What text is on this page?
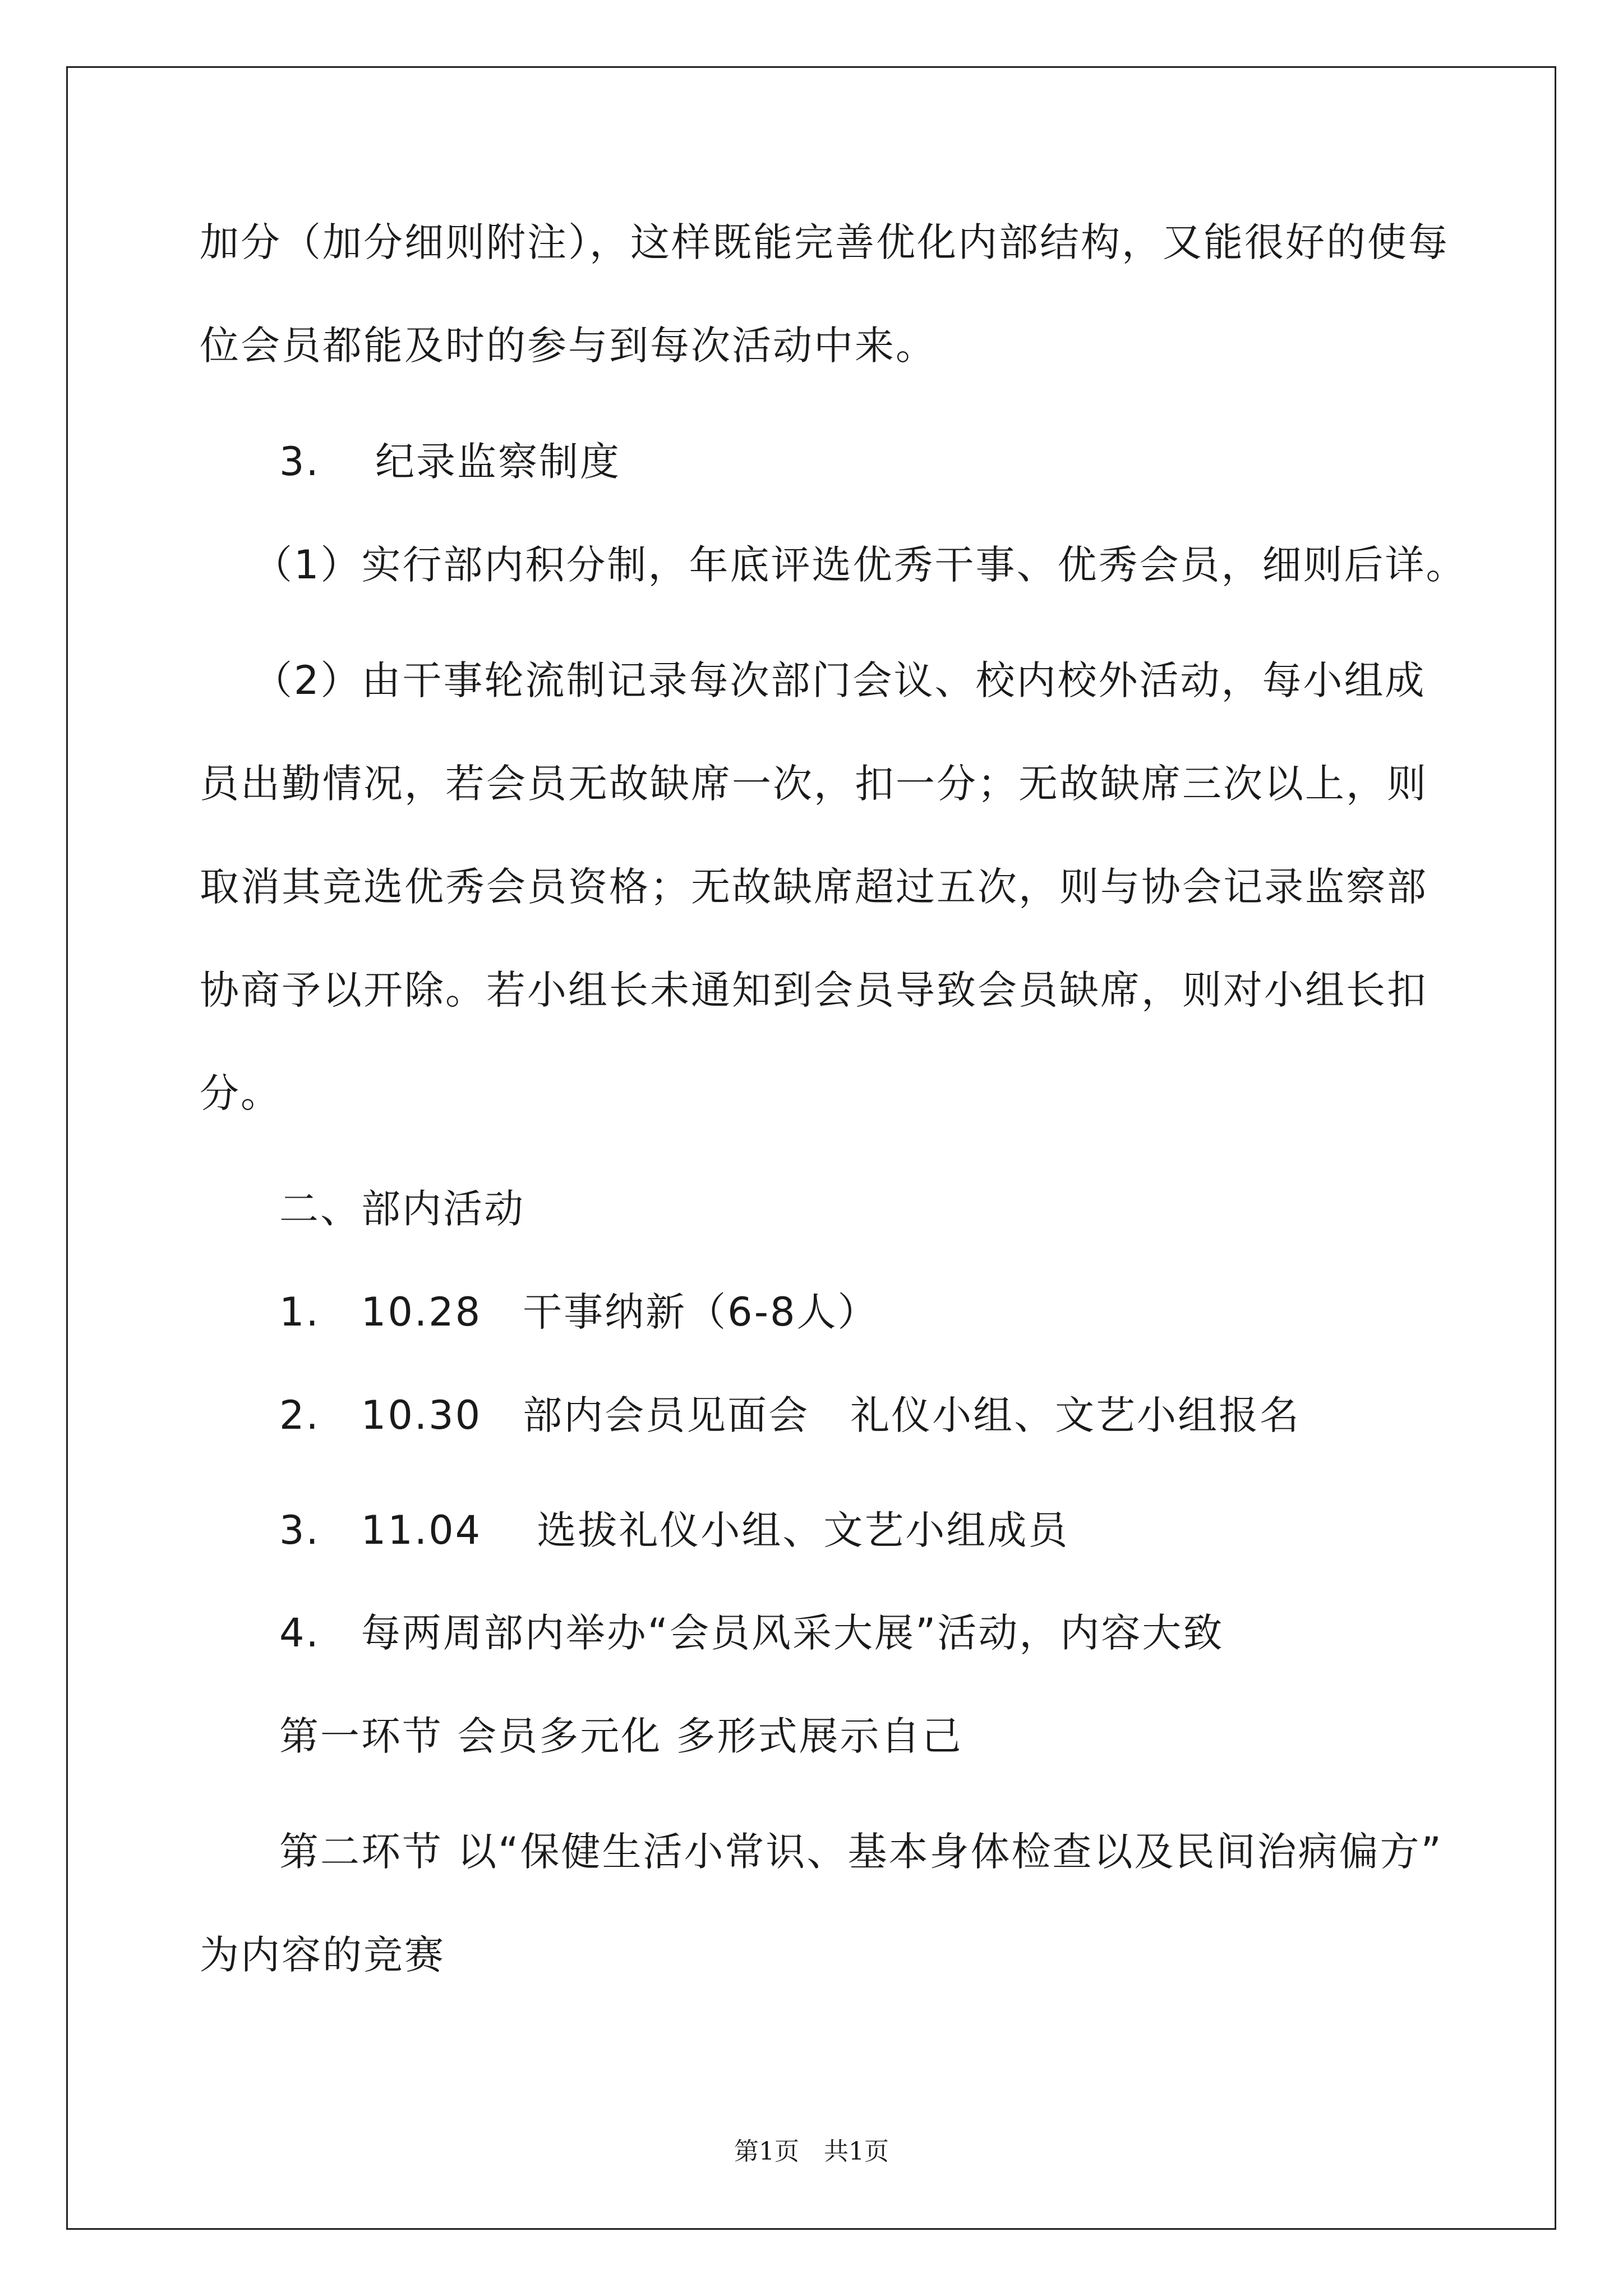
加分（加分细则附注），这样既能完善优化内部结构，又能很好的使每
位会员都能及时的参与到每次活动中来。
3.　 纪录监察制度
（1）实行部内积分制，年底评选优秀干事、优秀会员，细则后详。
（2）由干事轮流制记录每次部门会议、校内校外活动，每小组成
员出勤情况，若会员无故缺席一次，扣一分；无故缺席三次以上，则
取消其竞选优秀会员资格；无故缺席超过五次，则与协会记录监察部
协商予以开除。若小组长未通知到会员导致会员缺席，则对小组长扣
分。
二、部内活动
1.　10.28　干事纳新（6-8人）
2.　10.30　部内会员见面会　礼仪小组、文艺小组报名
3.　11.04　 选拔礼仪小组、文艺小组成员
4.　每两周部内举办“会员风采大展”活动，内容大致
第一环节 会员多元化 多形式展示自己
第二环节 以“保健生活小常识、基本身体检查以及民间治病偏方”
为内容的竞赛
第1页　共1页
